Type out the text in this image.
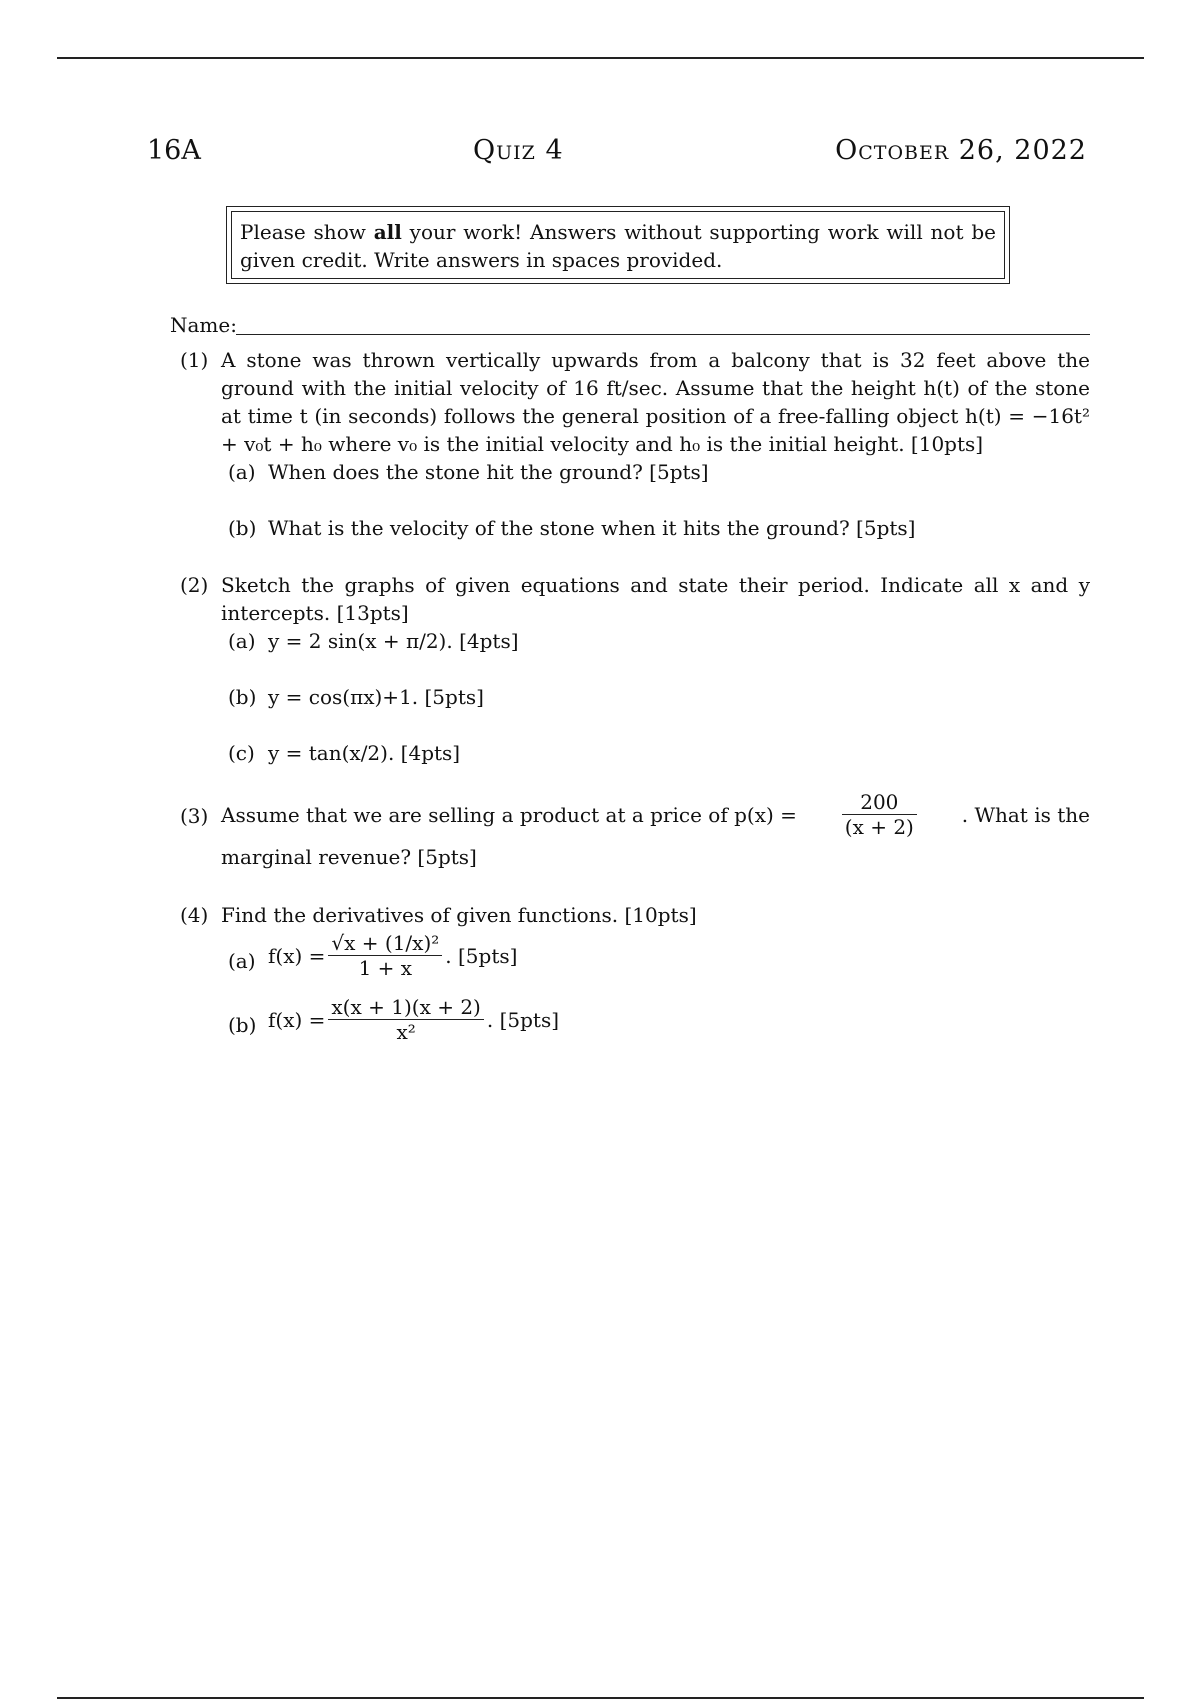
16A	Quiz 4	October 26, 2022
Please show all your work! Answers without supporting work will not be given credit. Write answers in spaces provided.
Name:
(1) A stone was thrown vertically upwards from a balcony that is 32 feet above the ground with the initial velocity of 16 ft/sec. Assume that the height h(t) of the stone at time t (in seconds) follows the general position of a free-falling object h(t) = −16t² + v₀t + h₀ where v₀ is the initial velocity and h₀ is the initial height. [10pts]
(a) When does the stone hit the ground? [5pts]
(b) What is the velocity of the stone when it hits the ground? [5pts]
(2) Sketch the graphs of given equations and state their period. Indicate all x and y intercepts. [13pts]
(a) y = 2 sin(x + π/2). [4pts]
(b) y = cos(πx)+1. [5pts]
(c) y = tan(x/2). [4pts]
(3) Assume that we are selling a product at a price of $p(x) = \frac{200}{(x + 2)}$ . What is the
marginal revenue? [5pts]
(4) Find the derivatives of given functions. [10pts]
(a) $f(x) = \frac{\text{√x + (1/x)²}}{1 + x}$ . [5pts]
(b) $f(x) = \frac{x(x + 1)(x + 2)}{\text{x²}}$ . [5pts]
